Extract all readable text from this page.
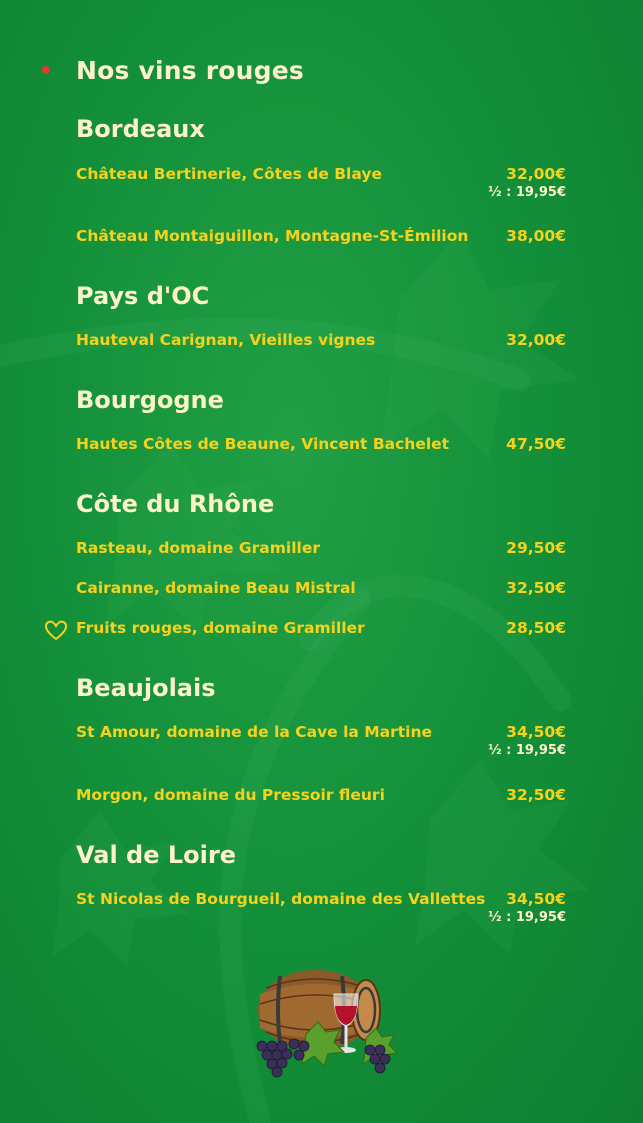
Nos vins rouges
Bordeaux
Château Bertinerie, Côtes de Blaye	32,00€
½ : 19,95€
Château Montaiguillon, Montagne-St-Émilion 38,00€
Pays d'OC
Hauteval Carignan, Vieilles vignes	32,00€
Bourgogne
Hautes Côtes de Beaune, Vincent Bachelet	47,50€
Côte du Rhône
Rasteau, domaine Gramiller	29,50€
Cairanne, domaine Beau Mistral	32,50€
Fruits rouges, domaine Gramiller	28,50€
Beaujolais
St Amour, domaine de la Cave la Martine	34,50€
½ : 19,95€
Morgon, domaine du Pressoir fleuri	32,50€
Val de Loire
St Nicolas de Bourgueil, domaine des Vallettes 34,50€
½ : 19,95€
